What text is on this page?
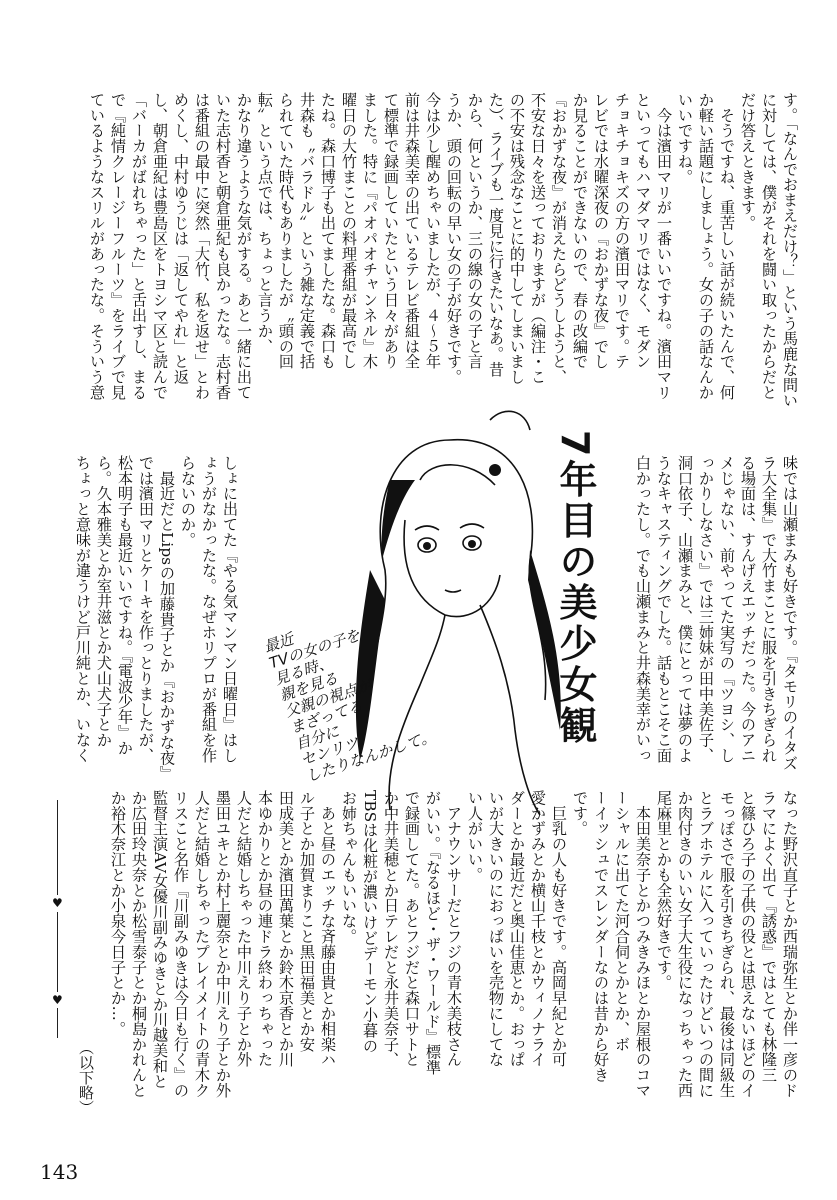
す。「なんでおまえだけ？」という馬鹿な問い
に対しては、僕がそれを闘い取ったからだと
だけ答えときます。
　そうですね、重苦しい話が続いたんで、何
か軽い話題にしましょう。女の子の話なんか
いいですね。
　今は濱田マリが一番いいですね。濱田マリ
といってもハマダマリではなく、モダン
チョキチョキズの方の濱田マリです。テ
レビでは水曜深夜の『おかずな夜』でし
か見ることができないので、春の改編で
『おかずな夜』が消えたらどうしようと、
不安な日々を送っておりますが（編注・こ
の不安は残念なことに的中してしまいまし
た）、ライブも一度見に行きたいなあ。昔
から、何というか、三の線の女の子と言
うか、頭の回転の早い女の子が好きです。
今は少し醒めちゃいましたが、４～５年
前は井森美幸の出ているテレビ番組は全
て標準で録画していたという日々があり
ました。特に『パオパオチャンネル』木
曜日の大竹まことの料理番組が最高でし
たね。森口博子も出てましたな。森口も
井森も〝バラドル〟という雑な定義で括
られていた時代もありましたが〝頭の回
転〟という点では、ちょっと言うか、
かなり違うような気がする。あと一緒に出て
いた志村香と朝倉亜紀も良かったな。志村香
は番組の最中に突然「大竹、私を返せ」とわ
めくし、中村ゆうじは「返してやれ」と返
し、朝倉亜紀は豊島区をトヨシマ区と読んで
「バーカがばれちゃった」と舌出すし、まる
で『純情クレージーフルーツ』をライブで見
ているようなスリルがあったな。そういう意
味では山瀬まみも好きです。『タモリのイタズ
ラ大全集』で大竹まことに服を引きちぎられ
る場面は、すんげえエッチだった。今のアニ
メじゃない、前やってた実写の『ツヨシ、し
っかりしなさい』では三姉妹が田中美佐子、
洞口依子、山瀬まみと、僕にとっては夢のよ
うなキャスティングでした。話もとこそこ面
白かったし。でも山瀬まみと井森美幸がいっ
7年目の美少女観
最近
TVの女の子を
見る時、
親を見る
父親の視点が
まざってる
自分に
センリツ
したりなんかして。
しょに出てた『やる気マンマン日曜日』はし
ょうがなかったな。なぜホリプロが番組を作
らないのか。
　最近だとLipsの加藤貴子とか『おかずな夜』
では濱田マリとケーキを作っとりましたが、
松本明子も最近いいですね。『電波少年』か
ら。久本雅美とか室井滋とか犬山犬子とか
ちょっと意味が違うけど戸川純とか、いなく
なった野沢直子とか西瑞弥生とか伴一彦のド
ラマによく出て『誘惑』ではとても林隆三
と篠ひろ子の子供の役とは思えないほどのイ
モっぽさで服を引きちぎられ、最後は同級生
とラブホテルに入っていったけどいつの間に
か肉付きのいい女子大生役になっちゃった西
尾麻里とかも全然好きです。
　本田美奈子とかつみきみほとか屋根のコマ
ーシャルに出てた河合伺とかとか、ボ
ーイッシュでスレンダーなのは昔から好き
です。
　巨乳の人も好きです。高岡早紀とか可
愛かずみとか横山千枝とかウィノナライ
ダーとか最近だと奥山佳恵とか。おっぱ
いが大きいのにおっぱいを売物にしてな
い人がいい。
　アナウンサーだとフジの青木美枝さん
がいい。『なるほど・ザ・ワールド』標準
で録画してた。あとフジだと森口サトと
か中井美穂とか日テレだと永井美奈子、
TBSは化粧が濃いけどデーモン小暮の
お姉ちゃんもいいな。
　あと昼のエッチな斉藤由貴とか相楽ハ
ル子とか加賀まりこと黒田福美とか安
田成美とか濱田萬葉とか鈴木京香とか川
本ゆかりとか昼の連ドラ終わっちゃった
人だと結婚しちゃった中川えり子とか外
墨田ユキとか村上麗奈とか中川えり子とか外
人だと結婚しちゃったプレイメイトの青木ク
リスこと名作『川副みゆきは今日も行く』の
監督主演AV女優川副みゆきとか川越美和と
か広田玲央奈とか松雪泰子とか桐島かれんと
か裕木奈江とか小泉今日子とか…。
♥
♥
（以下略）
143
